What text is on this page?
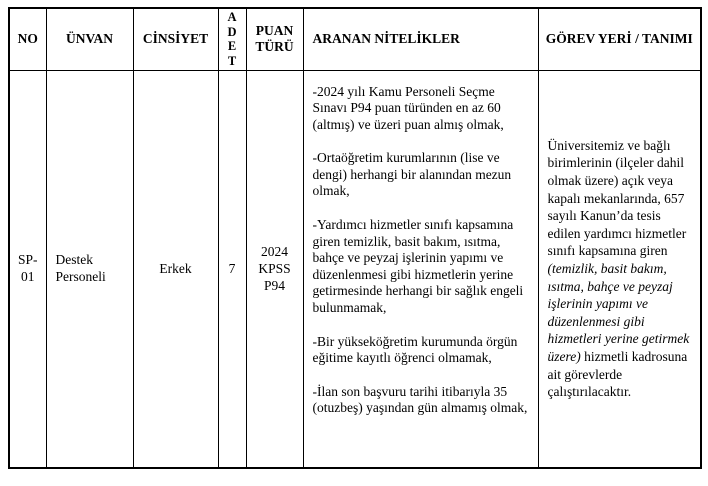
NO	ÜNVAN	CİNSİYET	A
D
E
T	PUAN TÜRÜ	ARANAN NİTELİKLER	GÖREV YERİ / TANIMI
SP-01	Destek Personeli	Erkek	7	2024 KPSS P94	

-2024 yılı Kamu Personeli Seçme Sınavı P94 puan türünden en az 60 (altmış) ve üzeri puan almış olmak,

-Ortaöğretim kurumlarının (lise ve dengi) herhangi bir alanından mezun olmak,

-Yardımcı hizmetler sınıfı kapsamına giren temizlik, basit bakım, ısıtma, bahçe ve peyzaj işlerinin yapımı ve düzenlenmesi gibi hizmetlerin yerine getirmesinde herhangi bir sağlık engeli bulunmamak,

-Bir yükseköğretim kurumunda örgün eğitime kayıtlı öğrenci olmamak,

-İlan son başvuru tarihi itibarıyla 35 (otuzbeş) yaşından gün almamış olmak,

	Üniversitemiz ve bağlı birimlerinin (ilçeler dahil olmak üzere) açık veya kapalı mekanlarında, 657 sayılı Kanun’da tesis edilen yardımcı hizmetler sınıfı kapsamına giren (temizlik, basit bakım, ısıtma, bahçe ve peyzaj işlerinin yapımı ve düzenlenmesi gibi hizmetleri yerine getirmek üzere) hizmetli kadrosuna ait görevlerde çalıştırılacaktır.
